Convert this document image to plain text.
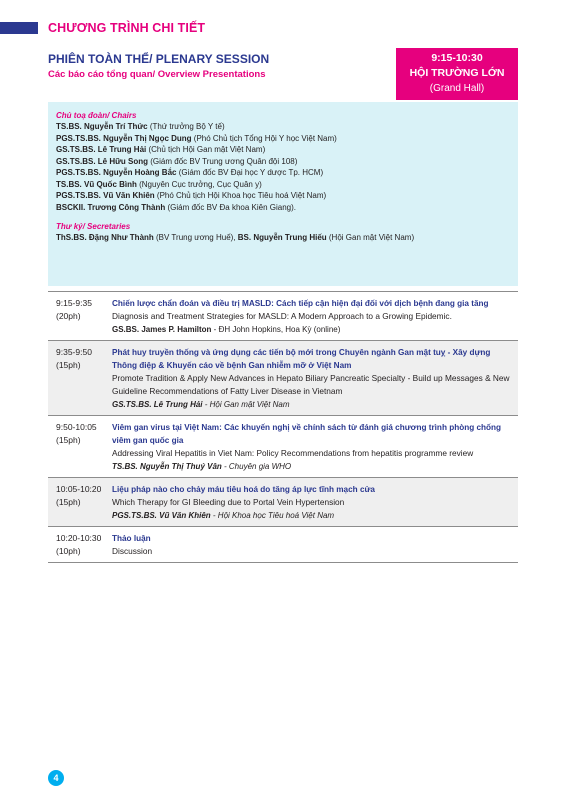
CHƯƠNG TRÌNH CHI TIẾT
PHIÊN TOÀN THỂ/ PLENARY SESSION
Các báo cáo tổng quan/ Overview Presentations
9:15-10:30
HỘI TRƯỜNG LỚN
(Grand Hall)
Chủ toạ đoàn/ Chairs
TS.BS. Nguyễn Trí Thức (Thứ trưởng Bộ Y tế)
PGS.TS.BS. Nguyễn Thị Ngọc Dung (Phó Chủ tịch Tổng Hội Y học Việt Nam)
GS.TS.BS. Lê Trung Hải (Chủ tịch Hội Gan mật Việt Nam)
GS.TS.BS. Lê Hữu Song (Giám đốc BV Trung ương Quân đội 108)
PGS.TS.BS. Nguyễn Hoàng Bắc (Giám đốc BV Đại học Y dược Tp. HCM)
TS.BS. Vũ Quốc Bình (Nguyên Cục trưởng, Cục Quân y)
PGS.TS.BS. Vũ Văn Khiên (Phó Chủ tịch Hội Khoa học Tiêu hoá Việt Nam)
BSCKII. Trương Công Thành (Giám đốc BV Đa khoa Kiên Giang).
Thư ký/ Secretaries
ThS.BS. Đặng Như Thành (BV Trung ương Huế), BS. Nguyễn Trung Hiếu (Hội Gan mật Việt Nam)
9:15-9:35
(20ph)
Chiến lược chẩn đoán và điều trị MASLD: Cách tiếp cận hiện đại đối với dịch bệnh đang gia tăng
Diagnosis and Treatment Strategies for MASLD: A Modern Approach to a Growing Epidemic.
GS.BS. James P. Hamilton - ĐH John Hopkins, Hoa Kỳ (online)
9:35-9:50
(15ph)
Phát huy truyền thống và ứng dụng các tiến bộ mới trong Chuyên ngành Gan mật tuỵ - Xây dựng Thông điệp & Khuyến cáo về bệnh Gan nhiễm mỡ ở Việt Nam
Promote Tradition & Apply New Advances in Hepato Biliary Pancreatic Specialty - Build up Messages & New Guideline Recommendations of Fatty Liver Disease in Vietnam
GS.TS.BS. Lê Trung Hải - Hội Gan mật Việt Nam
9:50-10:05
(15ph)
Viêm gan virus tại Việt Nam: Các khuyến nghị về chính sách từ đánh giá chương trình phòng chống viêm gan quốc gia
Addressing Viral Hepatitis in Viet Nam: Policy Recommendations from hepatitis programme review
TS.BS. Nguyễn Thị Thuý Vân - Chuyên gia WHO
10:05-10:20
(15ph)
Liệu pháp nào cho chảy máu tiêu hoá do tăng áp lực tĩnh mạch cửa
Which Therapy for GI Bleeding due to Portal Vein Hypertension
PGS.TS.BS. Vũ Văn Khiên - Hội Khoa học Tiêu hoá Việt Nam
10:20-10:30
(10ph)
Thảo luận
Discussion
4
